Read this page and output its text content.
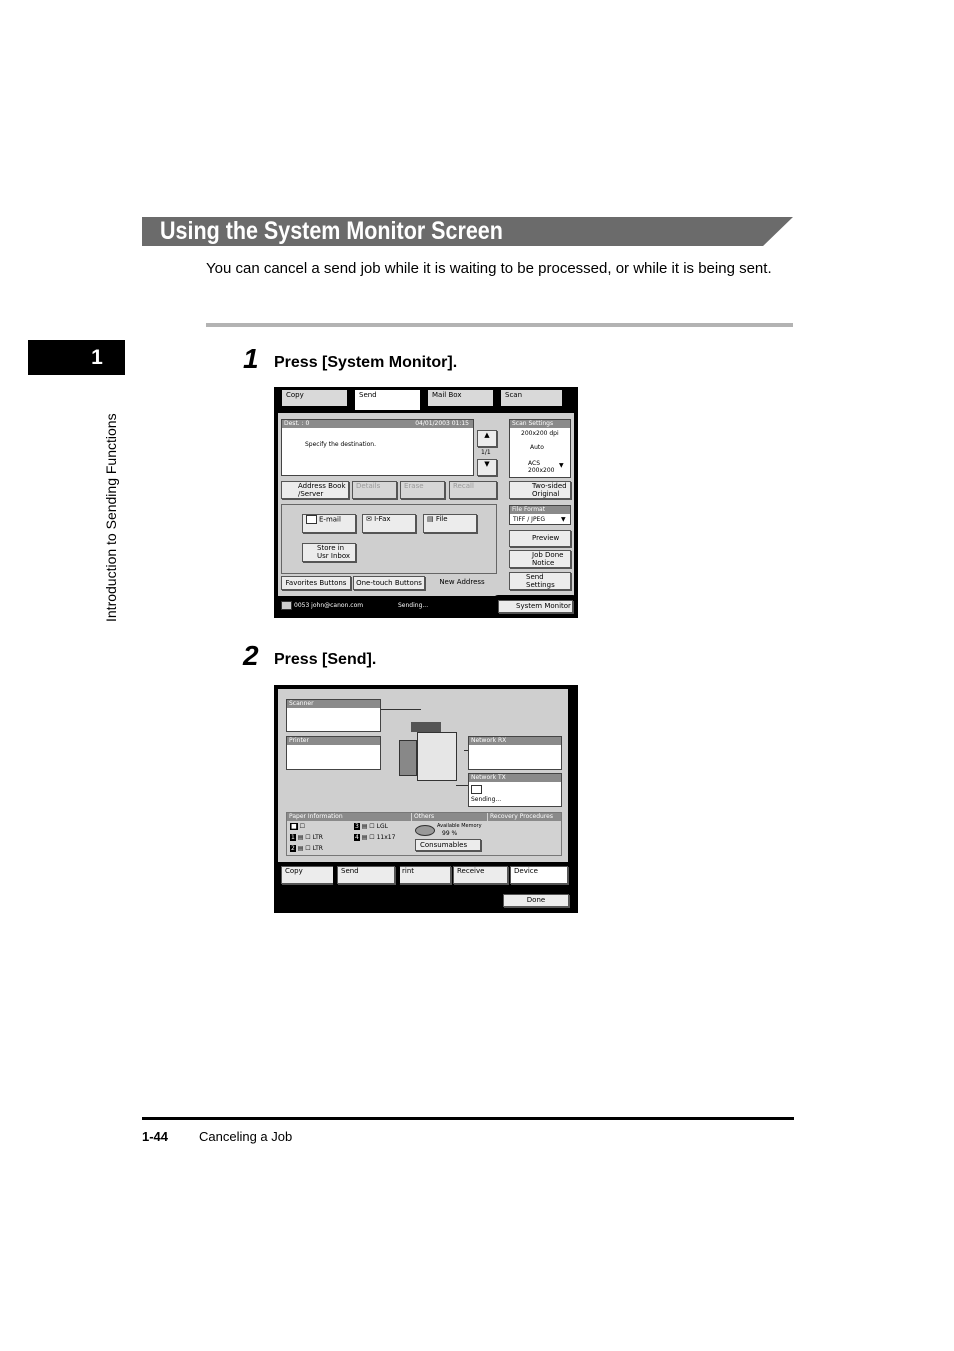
Using the System Monitor Screen
You can cancel a send job while it is waiting to be processed, or while it is being sent.
1
Introduction to Sending Functions
1 Press [System Monitor].
Copy	Send	Mail Box	Scan
Dest. : 0	04/01/2003 01:15
Specify the destination.
▲
1/1
▼
Address Book /Server
Details	Erase	Recall
E-mail	✉ I-Fax	▤ File
Store in Usr Inbox
Favorites Buttons	One-touch Buttons	New Address
Scan Settings
200x200 dpi
Auto
ACS 200x200
▼
Two-sided Original
File Format
TIFF / JPEG	▼
Preview
Job Done Notice
Send Settings
0053 john@canon.com	Sending...	System Monitor
2 Press [Send].
Scanner
Printer	Network RX
Network TX
Sending...
Paper Information
■ ☐
1 ▤ ☐ LTR
2 ▤ ☐ LTR
3 ▤ ☐ LGL
4 ▤ ☐ 11x17
Others
Available Memory
99 %
Consumables
Recovery Procedures
Copy	Send	rint	Receive	Device
Done
1-44 Canceling a Job
